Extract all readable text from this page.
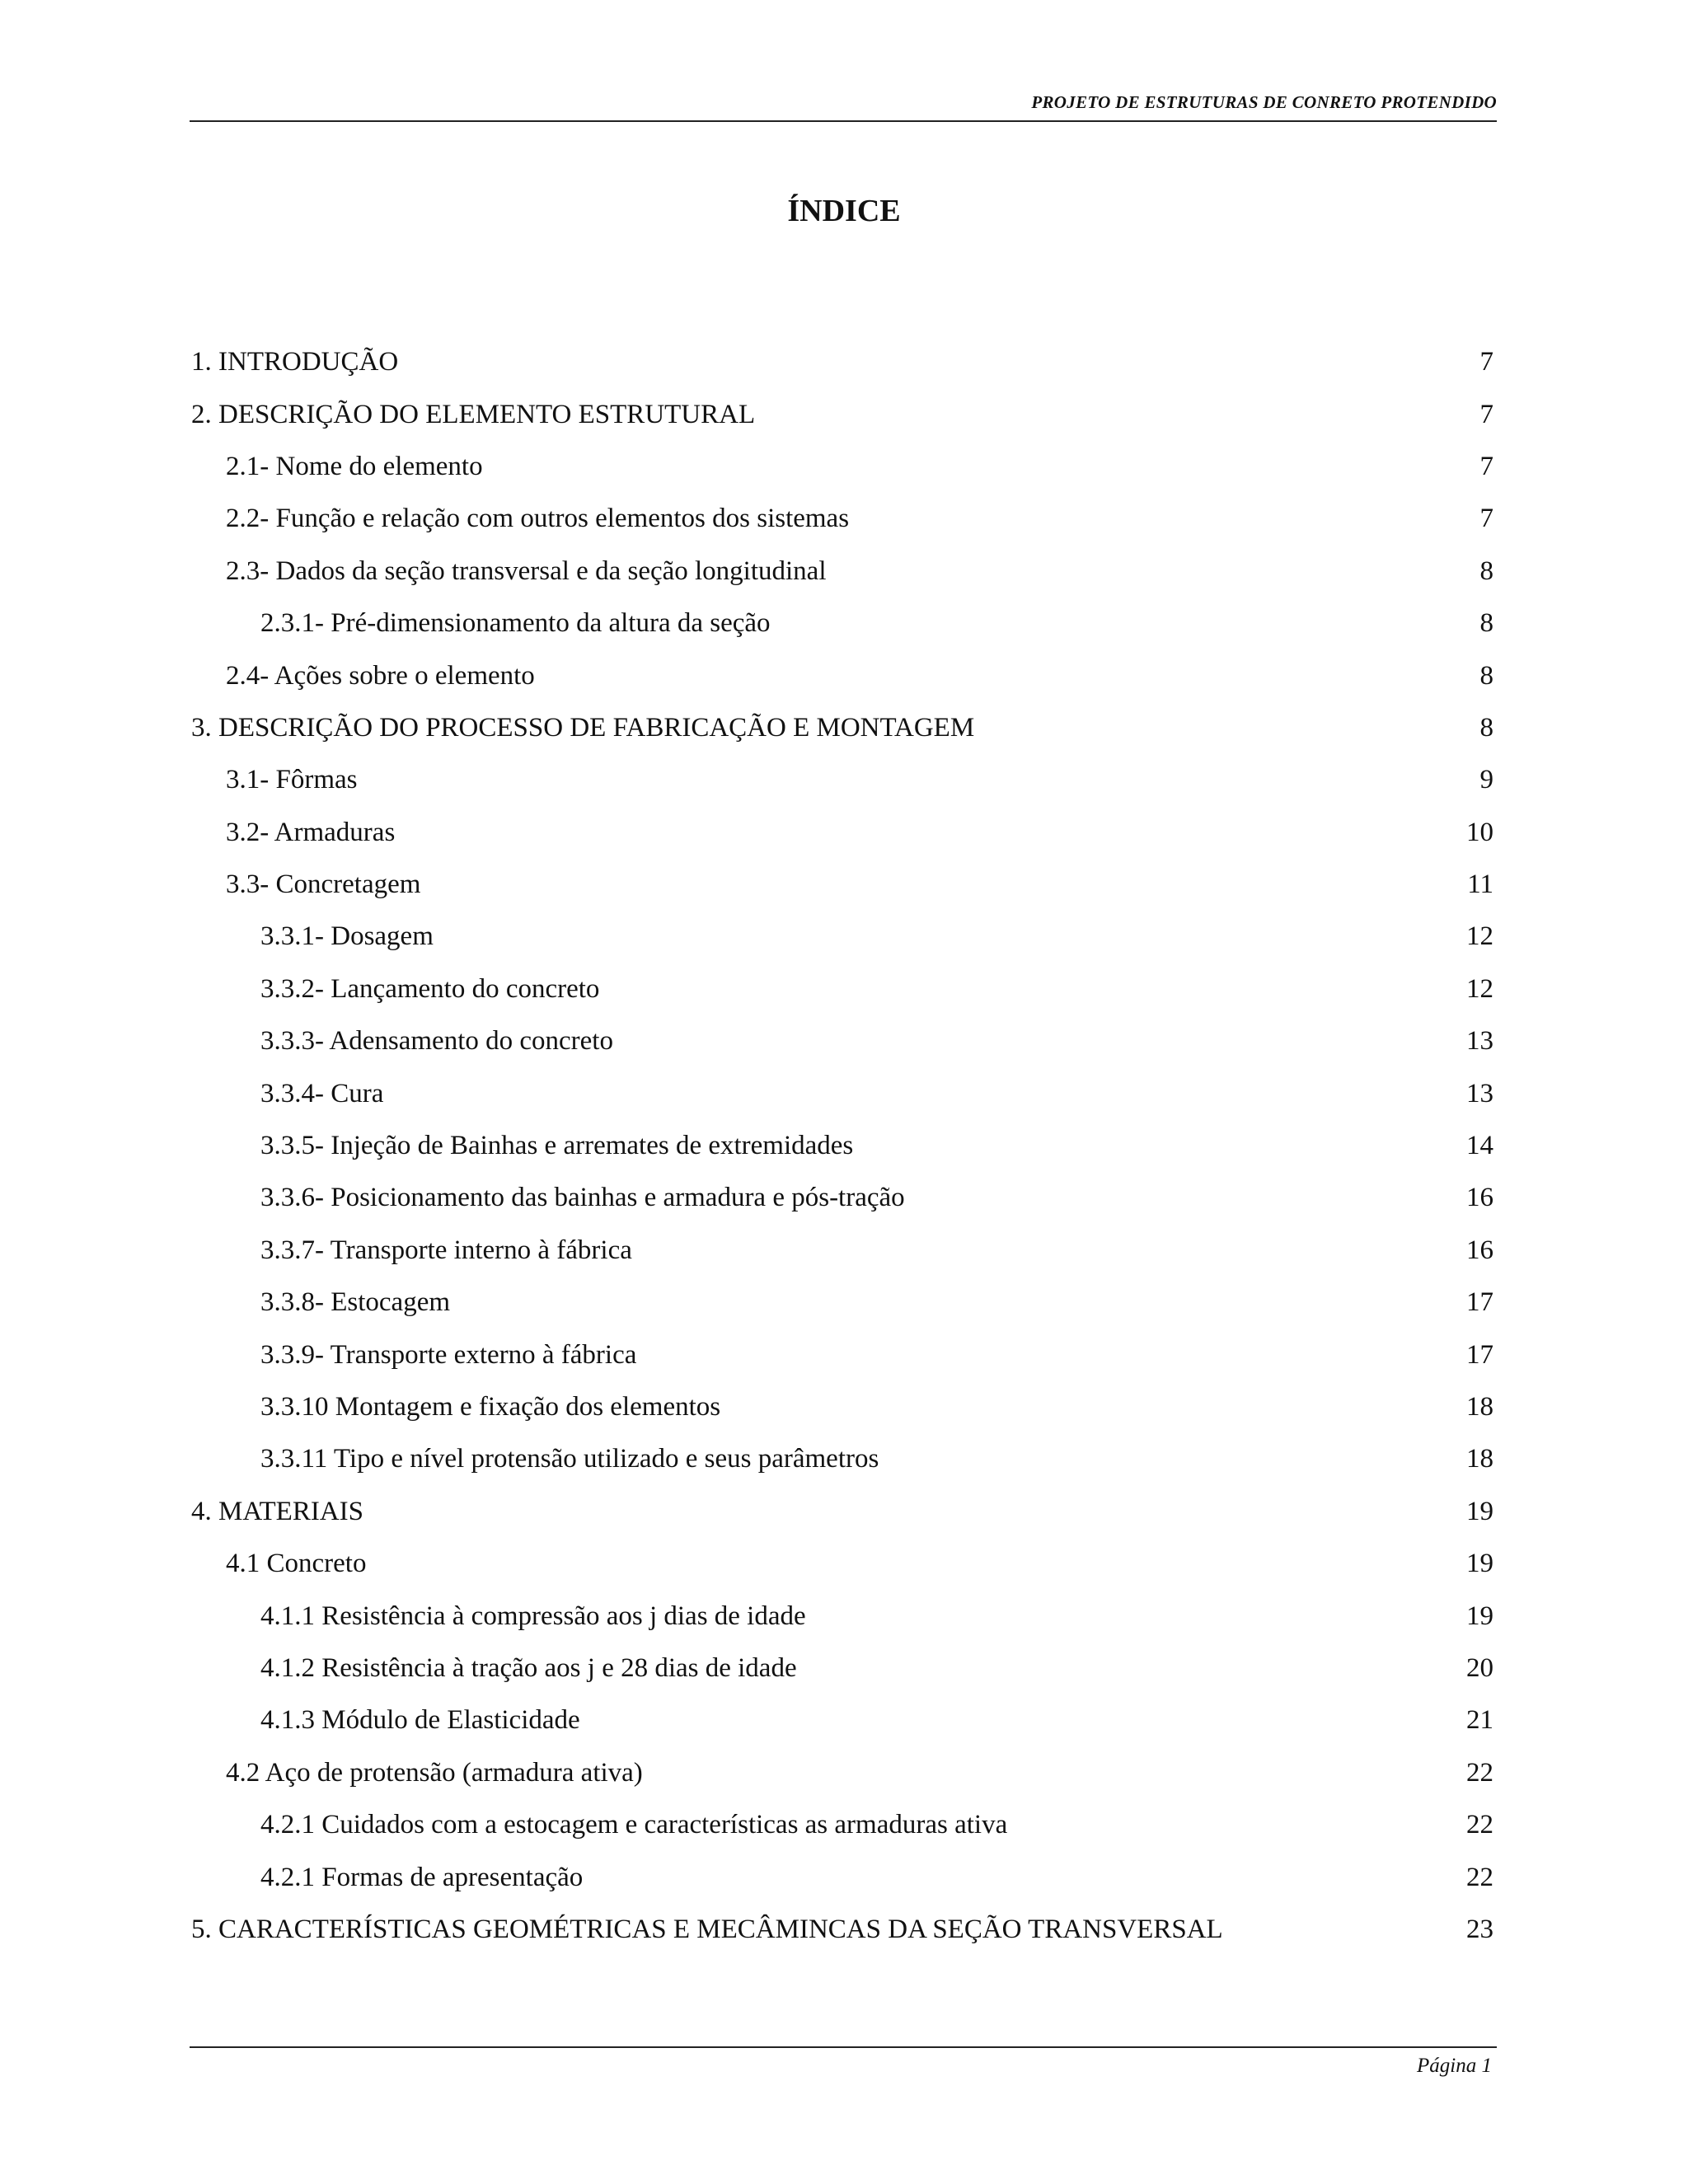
PROJETO DE ESTRUTURAS DE CONRETO PROTENDIDO
ÍNDICE
1. INTRODUÇÃO . . .	7
2. DESCRIÇÃO DO ELEMENTO ESTRUTURAL . . .	7
2.1- Nome do elemento . . .	7
2.2- Função e relação com outros elementos dos sistemas . . .	7
2.3- Dados da seção transversal e da seção longitudinal . . .	8
2.3.1- Pré-dimensionamento da altura da seção . . .	8
2.4- Ações sobre o elemento . . .	8
3. DESCRIÇÃO DO PROCESSO DE FABRICAÇÃO E MONTAGEM . . .	8
3.1- Fôrmas . . .	9
3.2- Armaduras . . .	10
3.3- Concretagem . . .	11
3.3.1- Dosagem . . .	12
3.3.2- Lançamento do concreto . . .	12
3.3.3- Adensamento do concreto . . .	13
3.3.4- Cura . . .	13
3.3.5- Injeção de Bainhas e arremates de extremidades . . .	14
3.3.6- Posicionamento das bainhas e armadura e pós-tração . . .	16
3.3.7- Transporte interno à fábrica . . .	16
3.3.8- Estocagem . . .	17
3.3.9- Transporte externo à fábrica . . .	17
3.3.10 Montagem e fixação dos elementos . . .	18
3.3.11 Tipo e nível protensão utilizado e seus parâmetros . . .	18
4. MATERIAIS . . .	19
4.1 Concreto . . .	19
4.1.1 Resistência à compressão aos j dias de idade . . .	19
4.1.2 Resistência à tração aos j e 28 dias de idade . . .	20
4.1.3 Módulo de Elasticidade . . .	21
4.2 Aço de protensão (armadura ativa) . . .	22
4.2.1 Cuidados com a estocagem e características as armaduras ativa . . .	22
4.2.1 Formas de apresentação . . .	22
5. CARACTERÍSTICAS GEOMÉTRICAS E MECÂMINCAS DA SEÇÃO TRANSVERSAL . . .	23
Página 1
